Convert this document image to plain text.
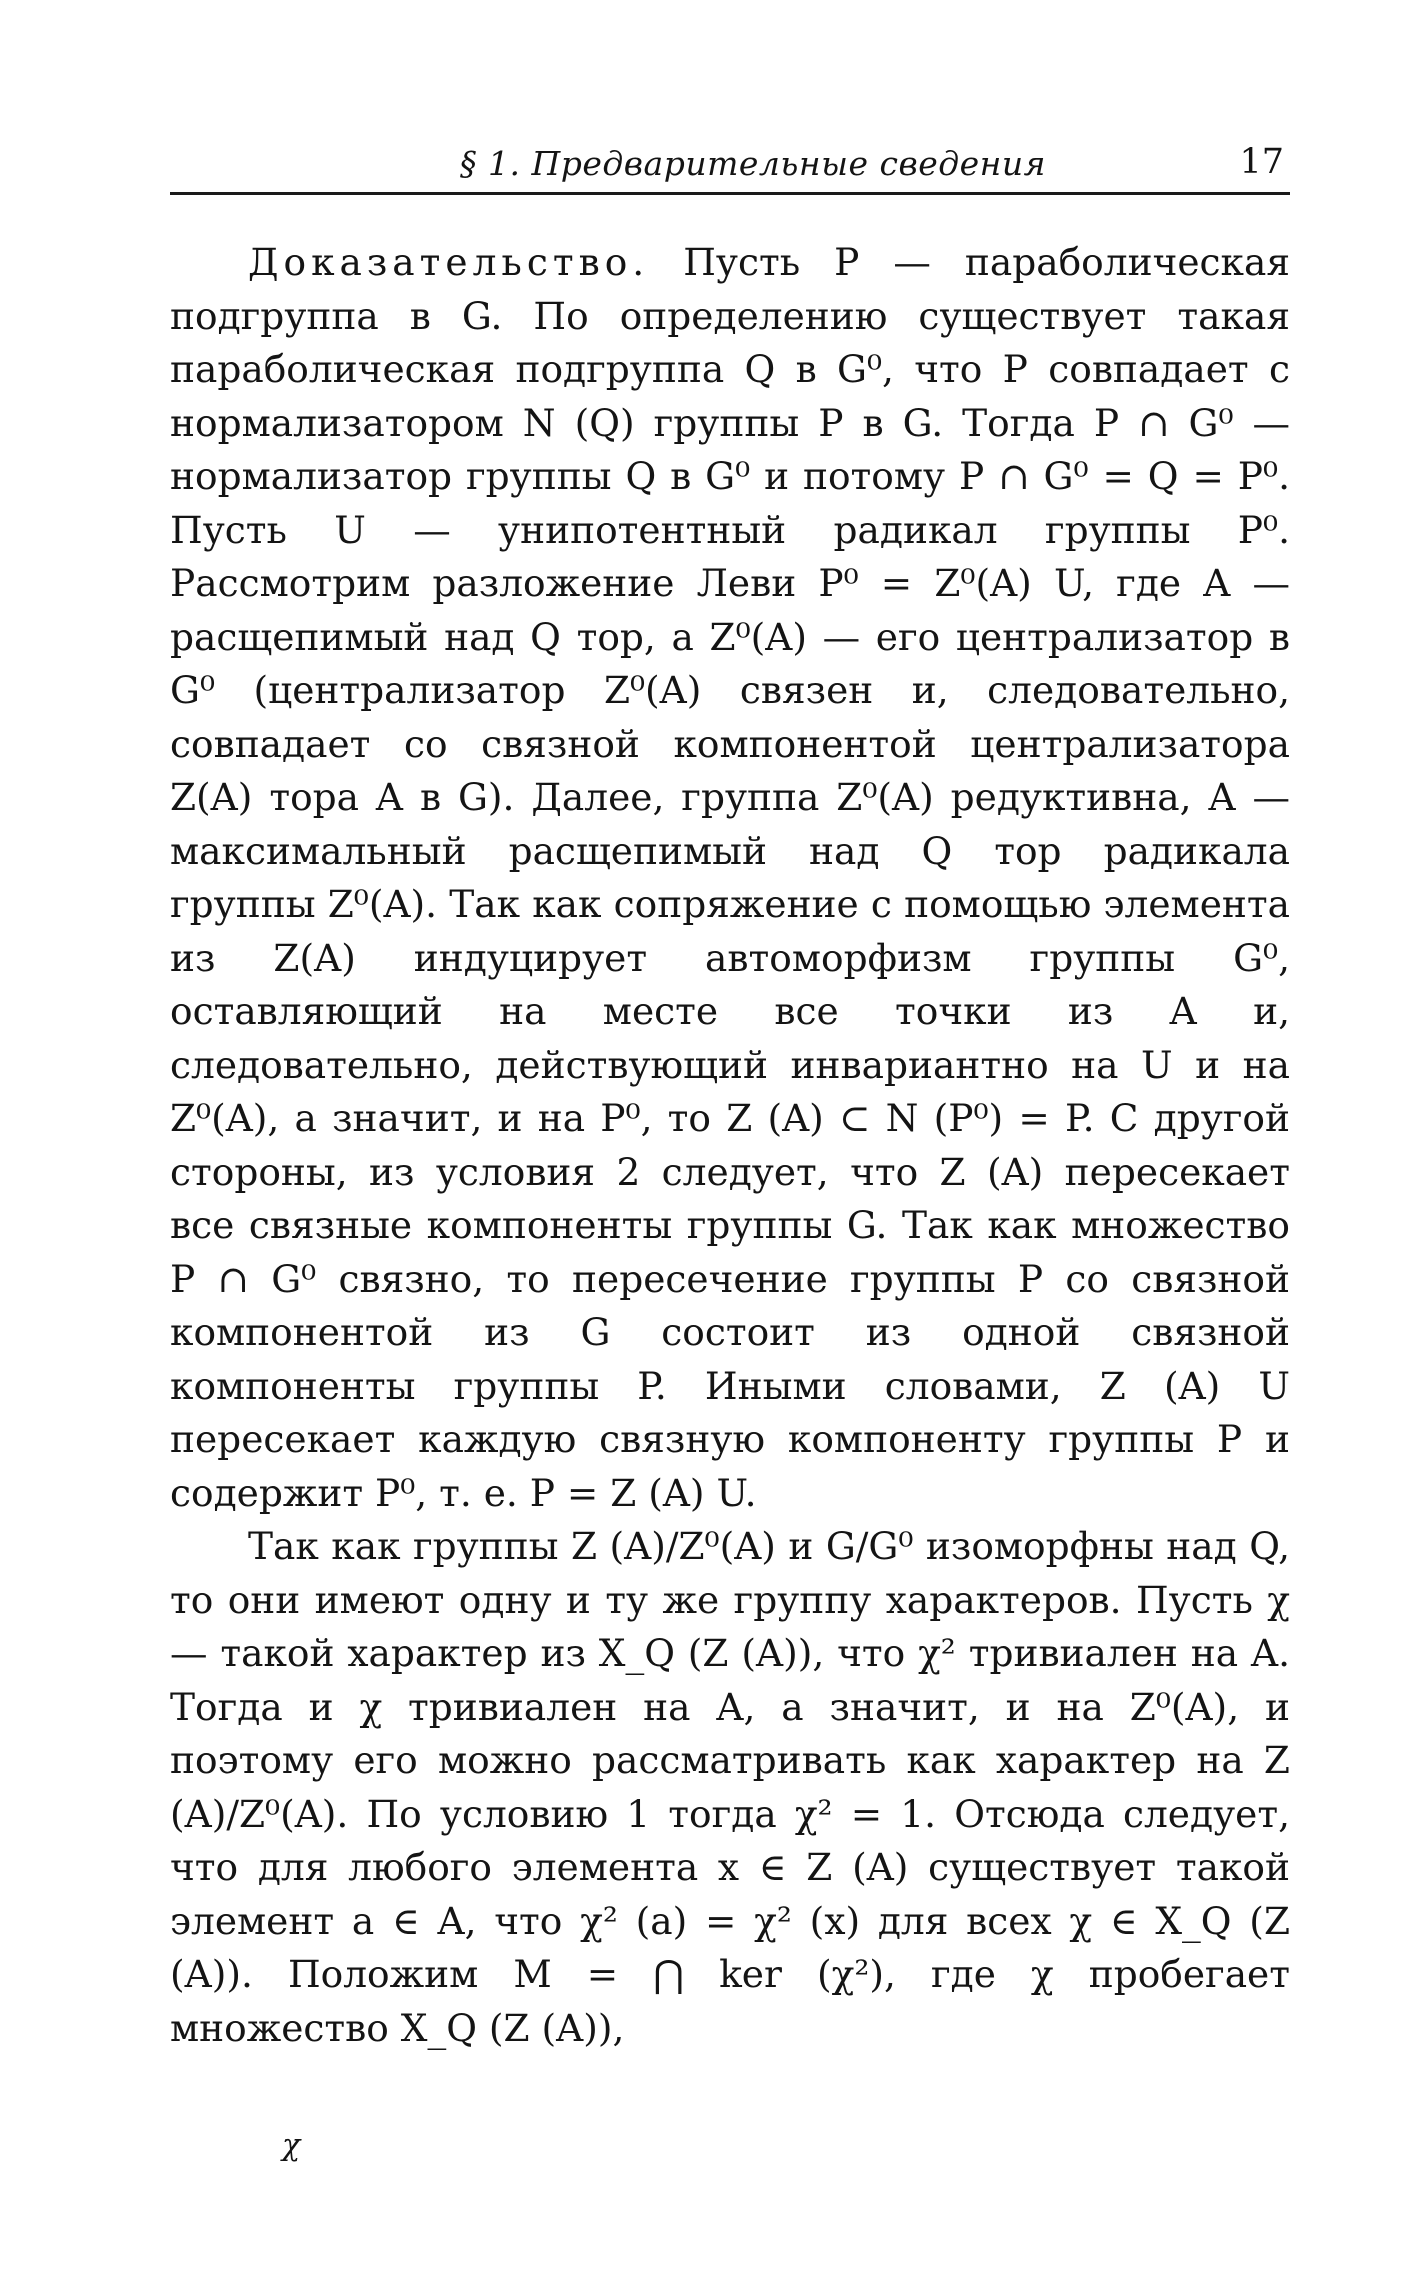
§ 1. Предварительные сведения	17

Доказательство. Пусть P — параболическая подгруппа в G. По определению существует такая параболическая подгруппа Q в G⁰, что P совпадает с нормализатором N (Q) группы P в G. Тогда P ∩ G⁰ — нормализатор группы Q в G⁰ и потому P ∩ G⁰ = Q = P⁰. Пусть U — унипотентный радикал группы P⁰. Рассмотрим разложение Леви P⁰ = Z⁰(A) U, где A — расщепимый над Q тор, а Z⁰(A) — его централизатор в G⁰ (централизатор Z⁰(A) связен и, следовательно, совпадает со связной компонентой централизатора Z(A) тора A в G). Далее, группа Z⁰(A) редуктивна, A — максимальный расщепимый над Q тор радикала группы Z⁰(A). Так как сопряжение с помощью элемента из Z(A) индуцирует автоморфизм группы G⁰, оставляющий на месте все точки из A и, следовательно, действующий инвариантно на U и на Z⁰(A), а значит, и на P⁰, то Z (A) ⊂ N (P⁰) = P. С другой стороны, из условия 2 следует, что Z (A) пересекает все связные компоненты группы G. Так как множество P ∩ G⁰ связно, то пересечение группы P со связной компонентой из G состоит из одной связной компоненты группы P. Иными словами, Z (A) U пересекает каждую связную компоненту группы P и содержит P⁰, т. е. P = Z (A) U.

Так как группы Z (A)/Z⁰(A) и G/G⁰ изоморфны над Q, то они имеют одну и ту же группу характеров. Пусть χ — такой характер из X_Q (Z (A)), что χ² тривиален на A. Тогда и χ тривиален на A, а значит, и на Z⁰(A), и поэтому его можно рассматривать как характер на Z (A)/Z⁰(A). По условию 1 тогда χ² = 1. Отсюда следует, что для любого элемента x ∈ Z (A) существует такой элемент a ∈ A, что χ² (a) = χ² (x) для всех χ ∈ X_Q (Z (A)). Положим M = ⋂ ker (χ²), где χ пробегает множество X_Q (Z (A)),

χ
